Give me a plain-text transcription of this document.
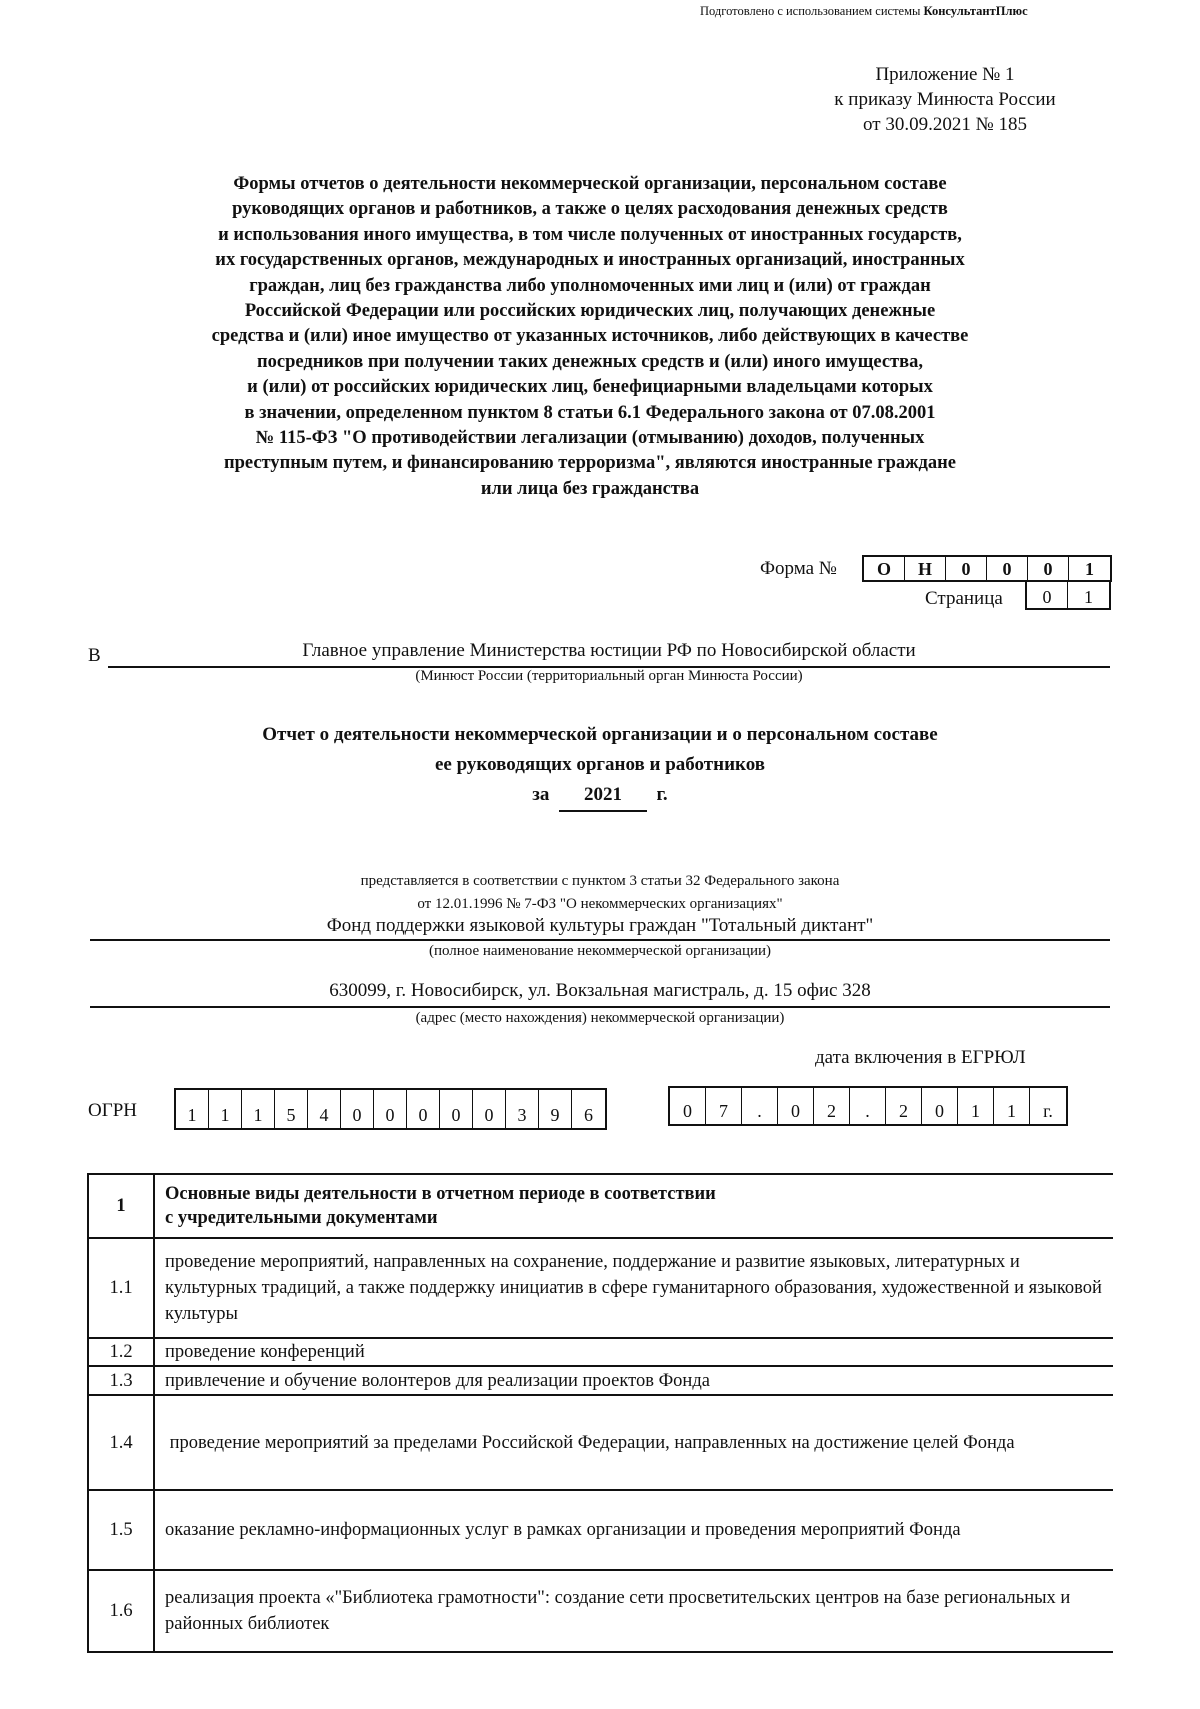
Подготовлено с использованием системы КонсультантПлюс
Приложение № 1
к приказу Минюста России
от 30.09.2021 № 185
Формы отчетов о деятельности некоммерческой организации, персональном составе
руководящих органов и работников, а также о целях расходования денежных средств
и использования иного имущества, в том числе полученных от иностранных государств,
их государственных органов, международных и иностранных организаций, иностранных
граждан, лиц без гражданства либо уполномоченных ими лиц и (или) от граждан
Российской Федерации или российских юридических лиц, получающих денежные
средства и (или) иное имущество от указанных источников, либо действующих в качестве
посредников при получении таких денежных средств и (или) иного имущества,
и (или) от российских юридических лиц, бенефициарными владельцами которых
в значении, определенном пунктом 8 статьи 6.1 Федерального закона от 07.08.2001
№ 115-ФЗ "О противодействии легализации (отмыванию) доходов, полученных
преступным путем, и финансированию терроризма", являются иностранные граждане
или лица без гражданства
Форма №	О	Н	0	0	0	1
Страница	0	1
В	Главное управление Министерства юстиции РФ по Новосибирской области
(Минюст России (территориальный орган Минюста России)
Отчет о деятельности некоммерческой организации и о персональном составе
ее руководящих органов и работников
за 2021 г.
представляется в соответствии с пунктом 3 статьи 32 Федерального закона
от 12.01.1996 № 7-ФЗ "О некоммерческих организациях"
Фонд поддержки языковой культуры граждан "Тотальный диктант"
(полное наименование некоммерческой организации)
630099, г. Новосибирск, ул. Вокзальная магистраль, д. 15 офис 328
(адрес (место нахождения) некоммерческой организации)
дата включения в ЕГРЮЛ
ОГРН	1	1	1	5	4	0	0	0	0	0	3	9	6	0	7	.	0	2	.	2	0	1	1	г.
1	Основные виды деятельности в отчетном периоде в соответствии
с учредительными документами

1.1	проведение мероприятий, направленных на сохранение, поддержание и развитие языковых, литературных и культурных традиций, а также поддержку инициатив в сфере гуманитарного образования, художественной и языковой культуры
1.2	проведение конференций
1.3	привлечение и обучение волонтеров для реализации проектов Фонда
1.4	проведение мероприятий за пределами Российской Федерации, направленных на достижение целей Фонда
1.5	оказание рекламно-информационных услуг в рамках организации и проведения мероприятий Фонда
1.6	реализация проекта «"Библиотека грамотности": создание сети просветительских центров на базе региональных и районных библиотек
